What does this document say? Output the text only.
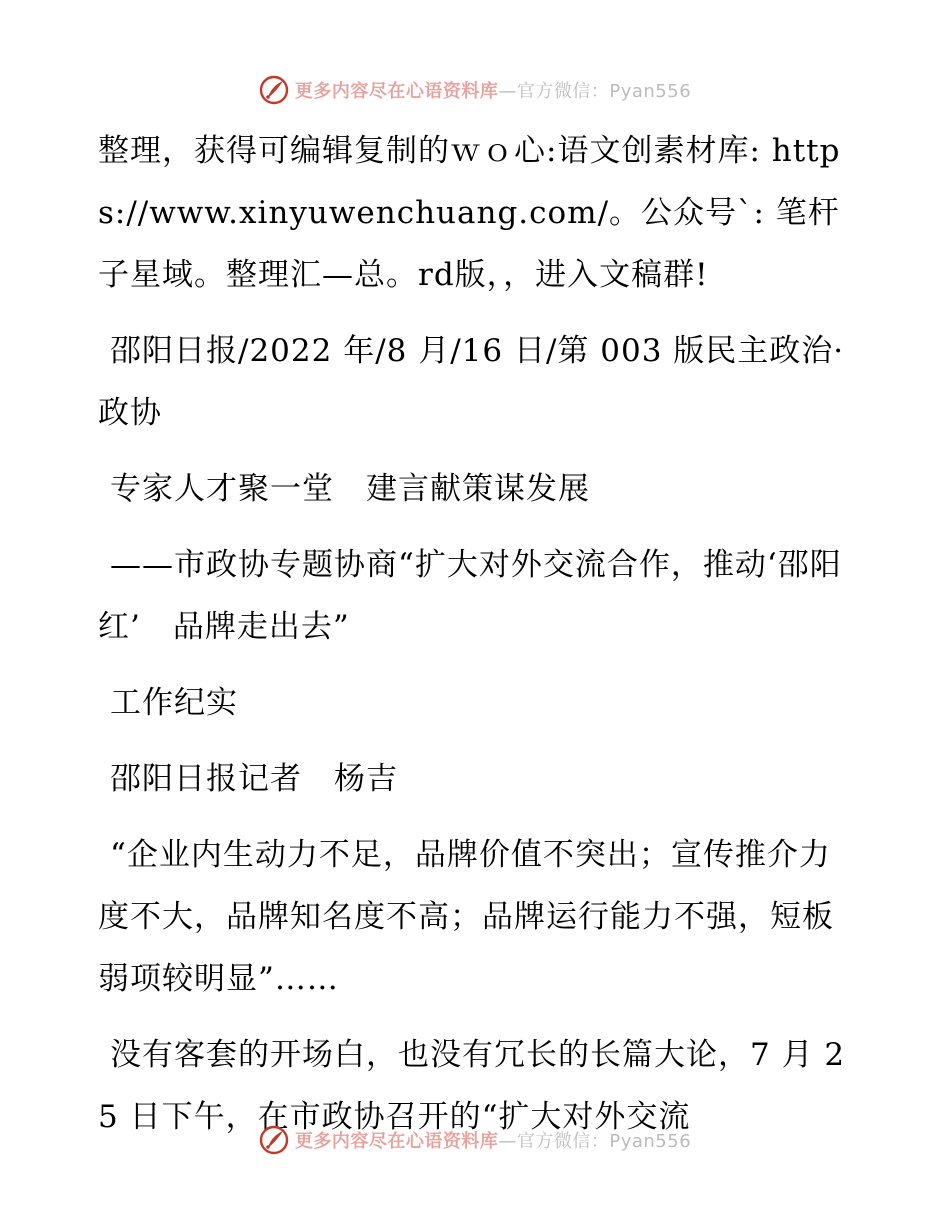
更多内容尽在心语资料库—官方微信：Pyan556

整理，获得可编辑复制的ｗｏ心:语文创素材库: https://www.xinyuwenchuang.com/。公众号`: 笔杆子星域。整理汇—总。rd版，，进入文稿群!

邵阳日报/2022 年/8 月/16 日/第 003 版民主政治· 政协

专家人才聚一堂　建言献策谋发展

——市政协专题协商“扩大对外交流合作，推动‘邵阳红’　品牌走出去”

工作纪实

邵阳日报记者　杨吉

“企业内生动力不足，品牌价值不突出；宣传推介力度不大，品牌知名度不高；品牌运行能力不强，短板弱项较明显”……

没有客套的开场白，也没有冗长的长篇大论，7 月 25 日下午，在市政协召开的“扩大对外交流

更多内容尽在心语资料库—官方微信：Pyan556
